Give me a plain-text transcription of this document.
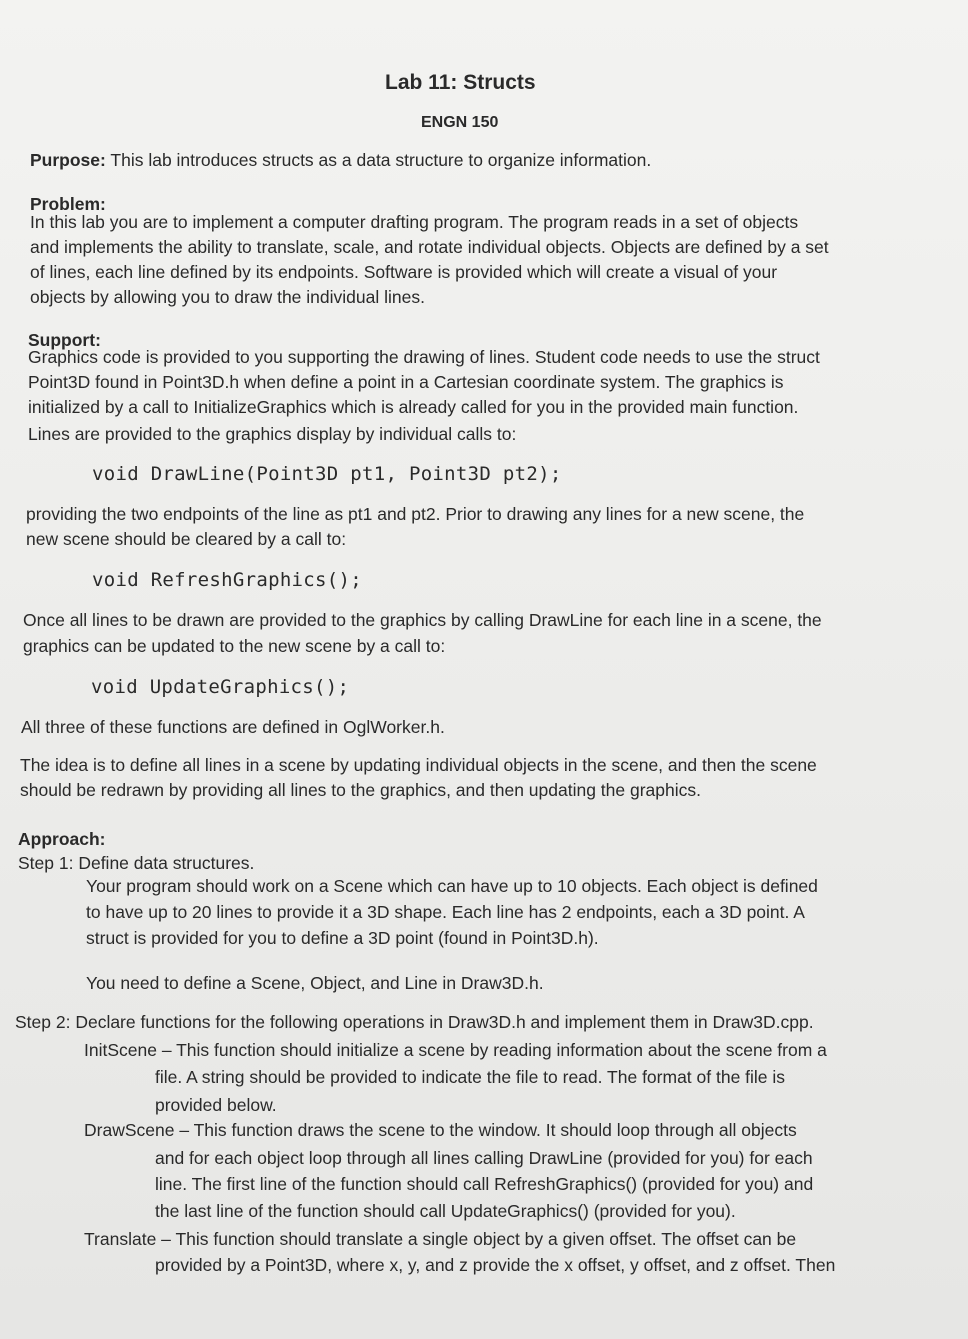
Lab 11: Structs
ENGN 150
Purpose: This lab introduces structs as a data structure to organize information.
Problem:
In this lab you are to implement a computer drafting program. The program reads in a set of objects
and implements the ability to translate, scale, and rotate individual objects. Objects are defined by a set
of lines, each line defined by its endpoints. Software is provided which will create a visual of your
objects by allowing you to draw the individual lines.
Support:
Graphics code is provided to you supporting the drawing of lines. Student code needs to use the struct
Point3D found in Point3D.h when define a point in a Cartesian coordinate system. The graphics is
initialized by a call to InitializeGraphics which is already called for you in the provided main function.
Lines are provided to the graphics display by individual calls to:
void DrawLine(Point3D pt1, Point3D pt2);
providing the two endpoints of the line as pt1 and pt2. Prior to drawing any lines for a new scene, the
new scene should be cleared by a call to:
void RefreshGraphics();
Once all lines to be drawn are provided to the graphics by calling DrawLine for each line in a scene, the
graphics can be updated to the new scene by a call to:
void UpdateGraphics();
All three of these functions are defined in OglWorker.h.
The idea is to define all lines in a scene by updating individual objects in the scene, and then the scene
should be redrawn by providing all lines to the graphics, and then updating the graphics.
Approach:
Step 1: Define data structures.
Your program should work on a Scene which can have up to 10 objects. Each object is defined
to have up to 20 lines to provide it a 3D shape. Each line has 2 endpoints, each a 3D point. A
struct is provided for you to define a 3D point (found in Point3D.h).
You need to define a Scene, Object, and Line in Draw3D.h.
Step 2: Declare functions for the following operations in Draw3D.h and implement them in Draw3D.cpp.
InitScene – This function should initialize a scene by reading information about the scene from a
file. A string should be provided to indicate the file to read. The format of the file is
provided below.
DrawScene – This function draws the scene to the window. It should loop through all objects
and for each object loop through all lines calling DrawLine (provided for you) for each
line. The first line of the function should call RefreshGraphics() (provided for you) and
the last line of the function should call UpdateGraphics() (provided for you).
Translate – This function should translate a single object by a given offset. The offset can be
provided by a Point3D, where x, y, and z provide the x offset, y offset, and z offset. Then
